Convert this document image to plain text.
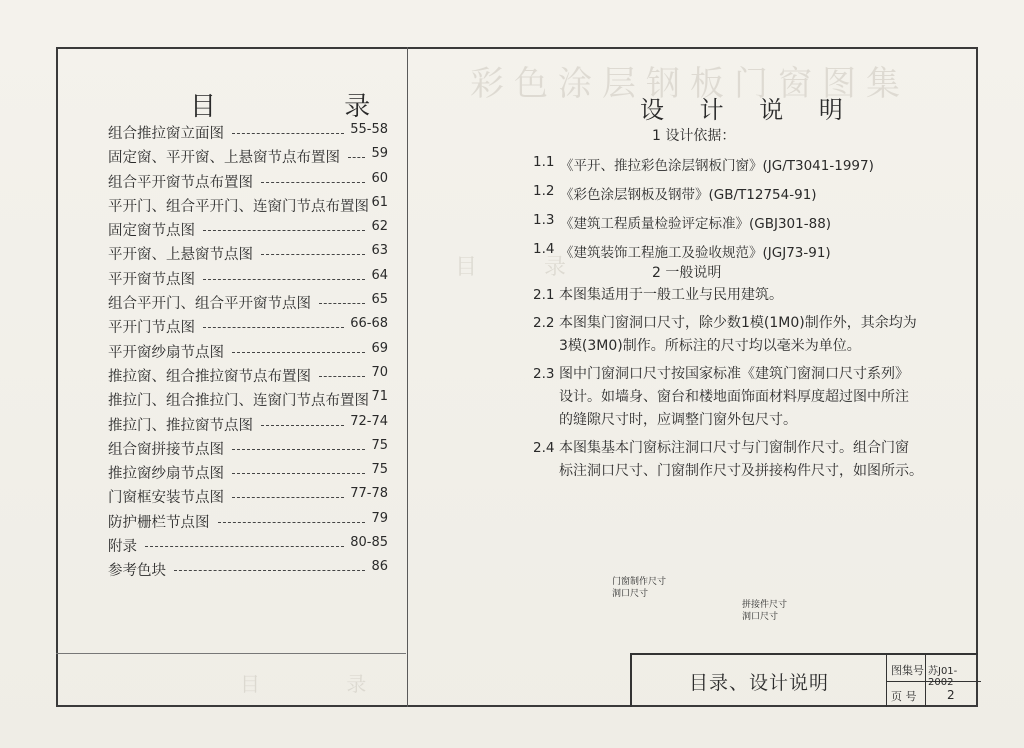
彩色涂层钢板门窗图集
目 录
目 录
目 录
组合推拉窗立面图	55-58
固定窗、平开窗、上悬窗节点布置图 59
组合平开窗节点布置图	60
平开门、组合平开门、连窗门节点布置图 61
固定窗节点图	62
平开窗、上悬窗节点图	63
平开窗节点图	64
组合平开门、组合平开窗节点图	65
平开门节点图	66-68
平开窗纱扇节点图	69
推拉窗、组合推拉窗节点布置图	70
推拉门、组合推拉门、连窗门节点布置图 71
推拉门、推拉窗节点图	72-74
组合窗拼接节点图	75
推拉窗纱扇节点图	75
门窗框安装节点图	77-78
防护栅栏节点图	79
附录	80-85
参考色块	86
设 计 说 明
1 设计依据：
1.1 《平开、推拉彩色涂层钢板门窗》(JG/T3041-1997)
1.2 《彩色涂层钢板及钢带》(GB/T12754-91)
1.3 《建筑工程质量检验评定标准》(GBJ301-88)
1.4 《建筑装饰工程施工及验收规范》(JGJ73-91)
2 一般说明
2.1 本图集适用于一般工业与民用建筑。
2.2 本图集门窗洞口尺寸，除少数1模(1M0)制作外，其余均为
3模(3M0)制作。所标注的尺寸均以毫米为单位。
2.3 图中门窗洞口尺寸按国家标准《建筑门窗洞口尺寸系列》
设计。如墙身、窗台和楼地面饰面材料厚度超过图中所注
的缝隙尺寸时，应调整门窗外包尺寸。
2.4 本图集基本门窗标注洞口尺寸与门窗制作尺寸。组合门窗
标注洞口尺寸、门窗制作尺寸及拼接构件尺寸，如图所示。
门窗制作尺寸
洞口尺寸
拼接件尺寸
洞口尺寸
目录、设计说明
图集号 苏J01-2002
页 号	2
